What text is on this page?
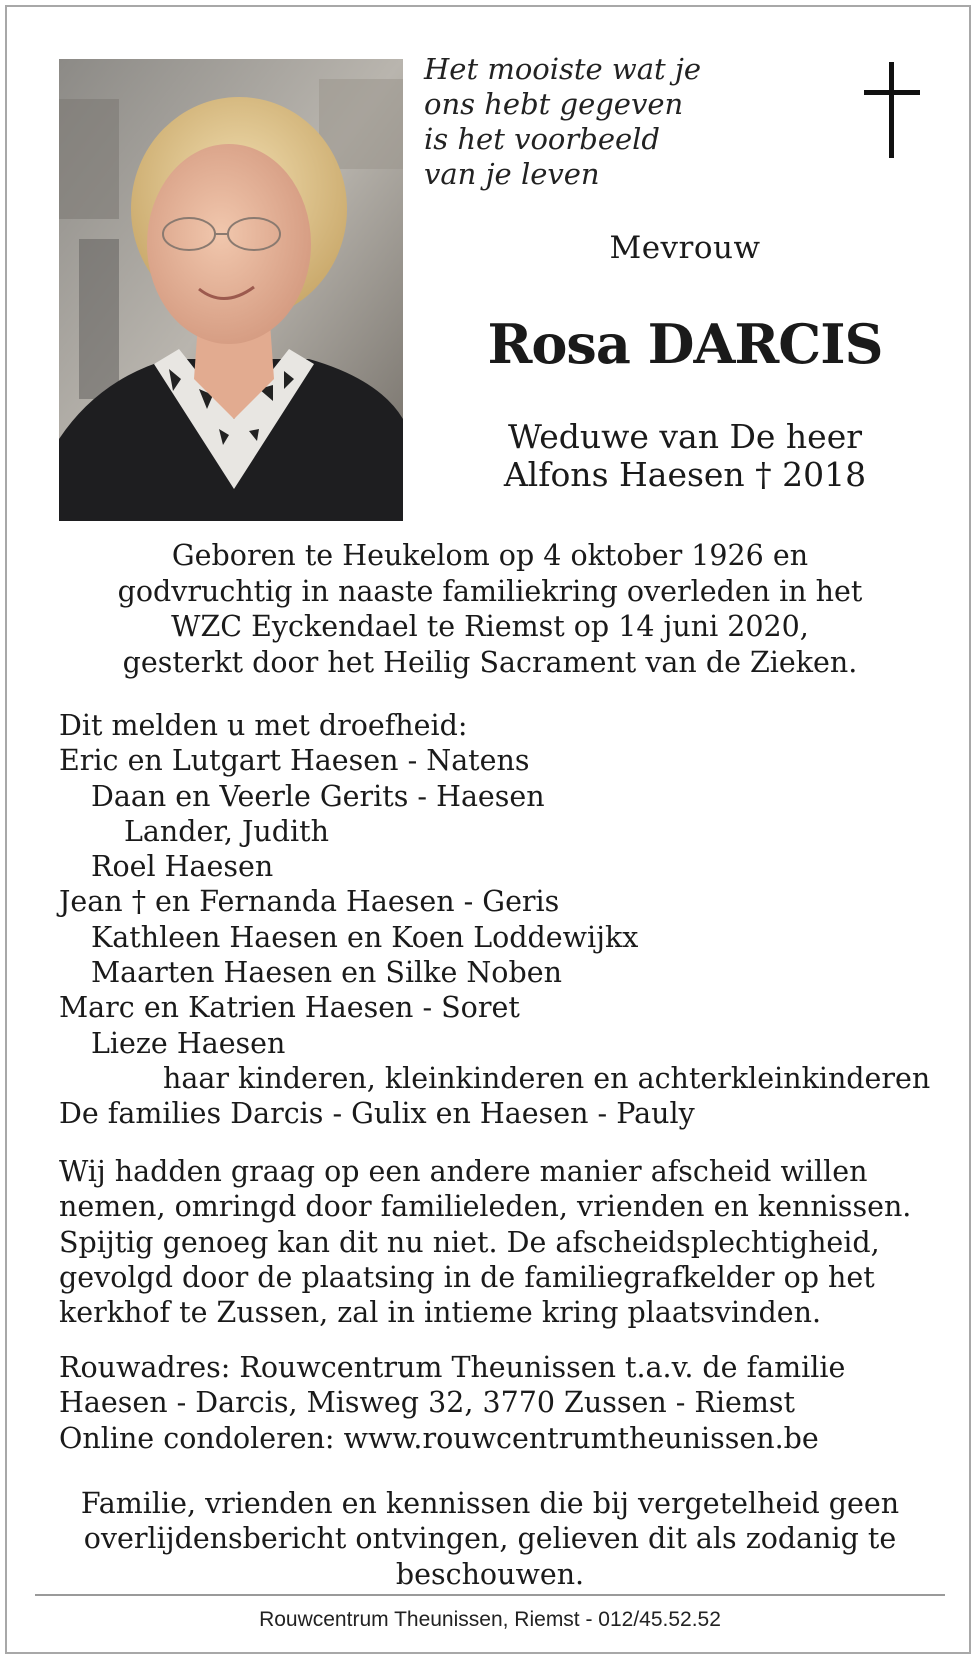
Het mooiste wat je
ons hebt gegeven
is het voorbeeld
van je leven
Mevrouw
Rosa DARCIS
Weduwe van De heer
Alfons Haesen † 2018
Geboren te Heukelom op 4 oktober 1926 en
godvruchtig in naaste familiekring overleden in het
WZC Eyckendael te Riemst op 14 juni 2020,
gesterkt door het Heilig Sacrament van de Zieken.
Dit melden u met droefheid:
Eric en Lutgart Haesen - Natens
Daan en Veerle Gerits - Haesen
Lander, Judith
Roel Haesen
Jean † en Fernanda Haesen - Geris
Kathleen Haesen en Koen Loddewijkx
Maarten Haesen en Silke Noben
Marc en Katrien Haesen - Soret
Lieze Haesen
haar kinderen, kleinkinderen en achterkleinkinderen
De families Darcis - Gulix en Haesen - Pauly
Wij hadden graag op een andere manier afscheid willen
nemen, omringd door familieleden, vrienden en kennissen.
Spijtig genoeg kan dit nu niet. De afscheidsplechtigheid,
gevolgd door de plaatsing in de familiegrafkelder op het
kerkhof te Zussen, zal in intieme kring plaatsvinden.
Rouwadres: Rouwcentrum Theunissen t.a.v. de familie
Haesen - Darcis, Misweg 32, 3770 Zussen - Riemst
Online condoleren: www.rouwcentrumtheunissen.be
Familie, vrienden en kennissen die bij vergetelheid geen
overlijdensbericht ontvingen, gelieven dit als zodanig te
beschouwen.
Rouwcentrum Theunissen, Riemst - 012/45.52.52
